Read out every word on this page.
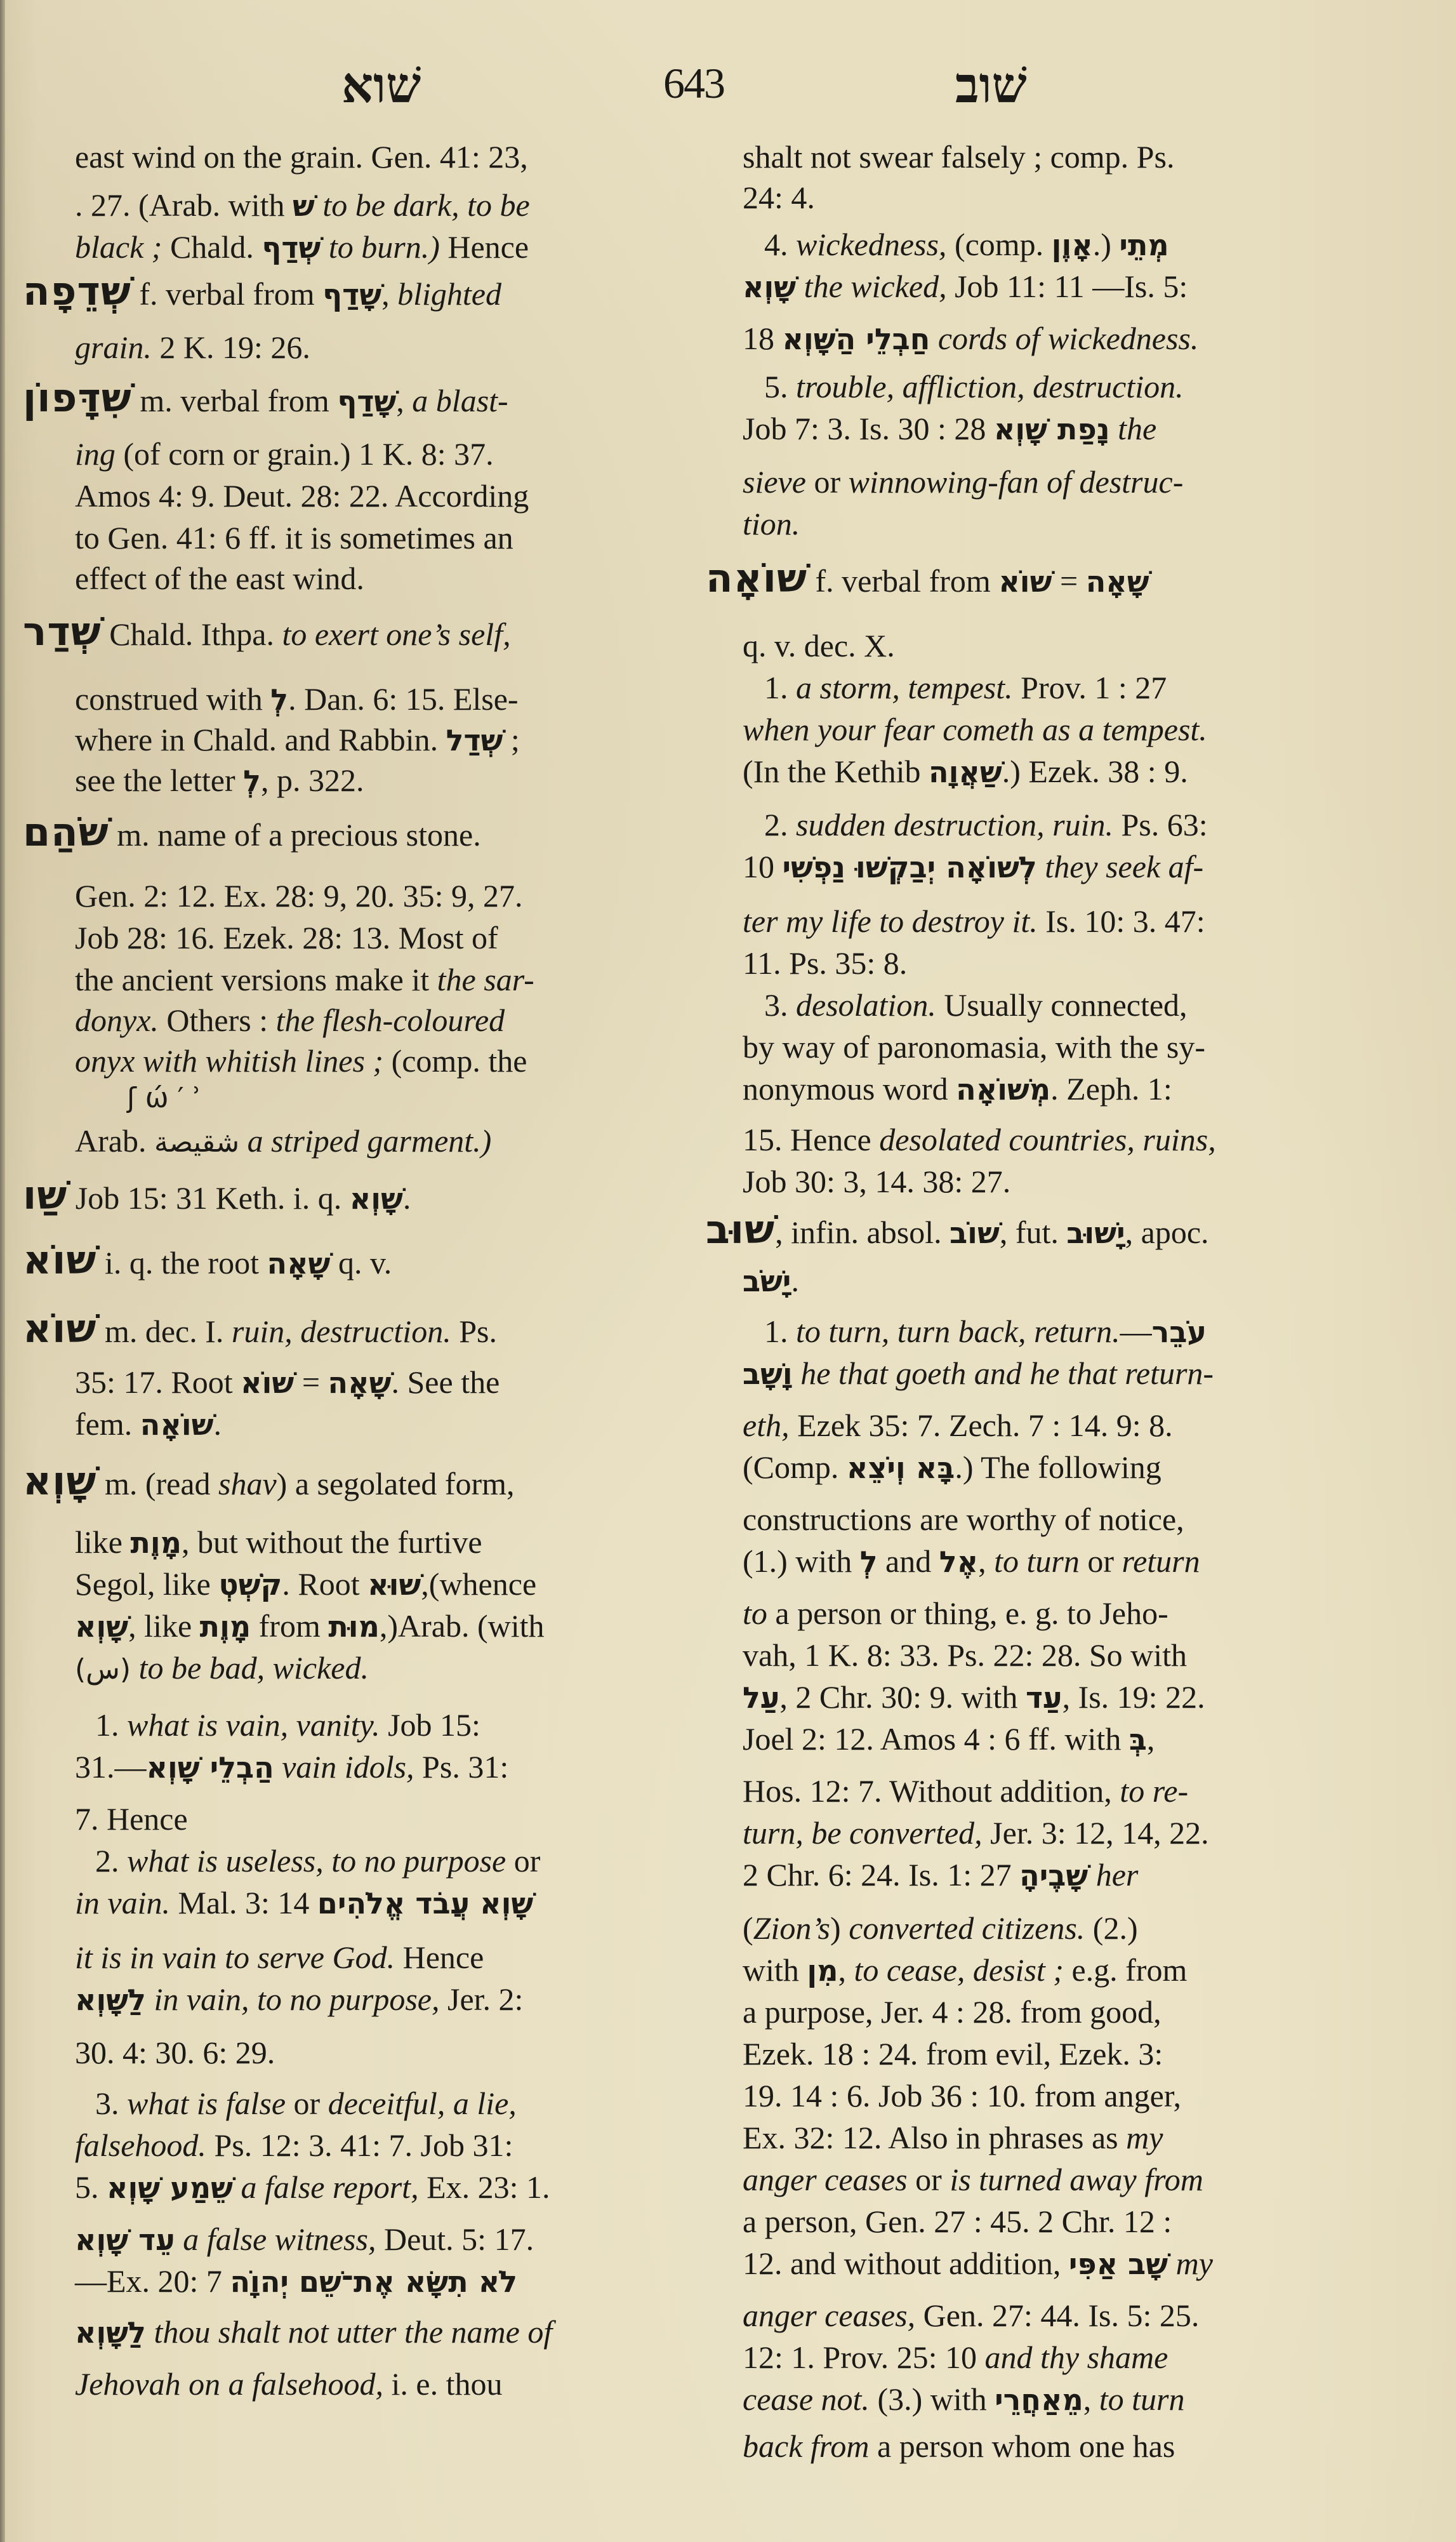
שׁוא	643	שׁוב
east wind on the grain. Gen. 41: 23,
. 27. (Arab. with שׁ to be dark, to be
black ; Chald. שְׁדַף to burn.) Hence
שְׁדֵפָה f. verbal from שָׁדַף, blighted
grain. 2 K. 19: 26.
שִׁדָּפוֹן m. verbal from שָׁדַף, a blast-
ing (of corn or grain.) 1 K. 8: 37.
Amos 4: 9. Deut. 28: 22. According
to Gen. 41: 6 ff. it is sometimes an
effect of the east wind.
שְׁדַר Chald. Ithpa. to exert one’s self,
construed with לְ. Dan. 6: 15. Else-
where in Chald. and Rabbin. שְׁדַל ;
see the letter לְ, p. 322.
שֹׁהַם m. name of a precious stone.
Gen. 2: 12. Ex. 28: 9, 20. 35: 9, 27.
Job 28: 16. Ezek. 28: 13. Most of
the ancient versions make it the sar-
donyx. Others : the flesh-coloured
onyx with whitish lines ; (comp. the
ʃ ώ ′ ʾ
Arab. شقيصة a striped garment.)
שַׁו Job 15: 31 Keth. i. q. שָׁוְא.
שׁוֹא i. q. the root שָׁאָה q. v.
שׁוֹא m. dec. I. ruin, destruction. Ps.
35: 17. Root שׁוֹא = שָׁאָה. See the
fem. שׁוֹאָה.
שָׁוְא m. (read shav) a segolated form,
like מָוֶת, but without the furtive
Segol, like קֹשְׁטְ. Root שׁוּא,(whence
שָׁוְא, like מָוֶת from מוּת,)Arab. (with
(س) to be bad, wicked.
1. what is vain, vanity. Job 15:
31.—הַבְלֵי שָׁוְא vain idols, Ps. 31:
7. Hence
2. what is useless, to no purpose or
in vain. Mal. 3: 14 שָׁוְא עֲבֹד אֱלֹהִים
it is in vain to serve God. Hence
לַשָּׁוְא in vain, to no purpose, Jer. 2:
30. 4: 30. 6: 29.
3. what is false or deceitful, a lie,
falsehood. Ps. 12: 3. 41: 7. Job 31:
5. שֵׁמַע שָׁוְא a false report, Ex. 23: 1.
עֵד שָׁוְא a false witness, Deut. 5: 17.
—Ex. 20: 7 לֹא תִשָּׂא אֶת־שֵׁם יְהוָֹה
לַשָּׁוְא thou shalt not utter the name of
Jehovah on a falsehood, i. e. thou
shalt not swear falsely ; comp. Ps.
24: 4.
4. wickedness, (comp. אָוֶן.) מְתֵי
שָׁוְא the wicked, Job 11: 11 —Is. 5:
18 חַבְלֵי הַשָּׁוְא cords of wickedness.
5. trouble, affliction, destruction.
Job 7: 3. Is. 30 : 28 נָפַת שָׁוְא the
sieve or winnowing-fan of destruc-
tion.
שׁוֹאָה f. verbal from שׁוֹא = שָׁאָה
q. v. dec. X.
1. a storm, tempest. Prov. 1 : 27
when your fear cometh as a tempest.
(In the Kethib שַׁאֲוָה.) Ezek. 38 : 9.
2. sudden destruction, ruin. Ps. 63:
10 לְשׁוֹאָה יְבַקְשׁוּ נַפְשִׁי they seek af-
ter my life to destroy it. Is. 10: 3. 47:
11. Ps. 35: 8.
3. desolation. Usually connected,
by way of paronomasia, with the sy-
nonymous word מְשׁוֹאָה. Zeph. 1:
15. Hence desolated countries, ruins,
Job 30: 3, 14. 38: 27.
שׁוּב, infin. absol. שׁוֹב, fut. יָשׁוּב, apoc.
יָשֹׁב.
1. to turn, turn back, return.—עֹבֵר
וָשָׁב he that goeth and he that return-
eth, Ezek 35: 7. Zech. 7 : 14. 9: 8.
(Comp. בָּא וְיֹצֵא.) The following
constructions are worthy of notice,
(1.) with לְ and אֶל, to turn or return
to a person or thing, e. g. to Jeho-
vah, 1 K. 8: 33. Ps. 22: 28. So with
עַל, 2 Chr. 30: 9. with עַד, Is. 19: 22.
Joel 2: 12. Amos 4 : 6 ff. with בְּ,
Hos. 12: 7. Without addition, to re-
turn, be converted, Jer. 3: 12, 14, 22.
2 Chr. 6: 24. Is. 1: 27 שָׁבֶיהָ her
(Zion’s) converted citizens. (2.)
with מִן, to cease, desist ; e.g. from
a purpose, Jer. 4 : 28. from good,
Ezek. 18 : 24. from evil, Ezek. 3:
19. 14 : 6. Job 36 : 10. from anger,
Ex. 32: 12. Also in phrases as my
anger ceases or is turned away from
a person, Gen. 27 : 45. 2 Chr. 12 :
12. and without addition, שָׁב אַפִּי my
anger ceases, Gen. 27: 44. Is. 5: 25.
12: 1. Prov. 25: 10 and thy shame
cease not. (3.) with מֵאַחֲרֵי, to turn
back from a person whom one has
